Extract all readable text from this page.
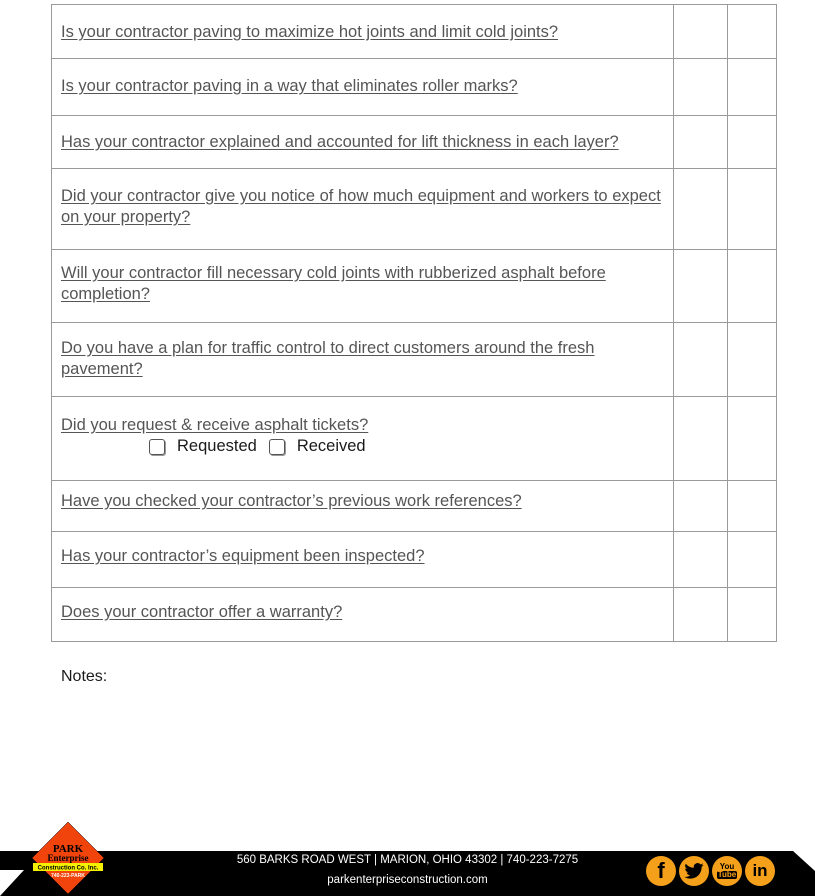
Is your contractor paving to maximize hot joints and limit cold joints?		

Is your contractor paving in a way that eliminates roller marks?		

Has your contractor explained and accounted for lift thickness in each layer?		

Did your contractor give you notice of how much equipment and workers to expect on your property?		

Will your contractor fill necessary cold joints with rubberized asphalt before completion?		

Do you have a plan for traffic control to direct customers around the fresh pavement?		

Did you request & receive asphalt tickets?
Requested Received		

Have you checked your contractor’s previous work references?		

Has your contractor’s equipment been inspected?		

Does your contractor offer a warranty?		

Notes:
560 BARKS ROAD WEST | MARION, OHIO 43302 | 740-223-7275
parkenterpriseconstruction.com
PARK
Enterprise
Construction Co. Inc.
740-223-PARK	f	You
Tube in
